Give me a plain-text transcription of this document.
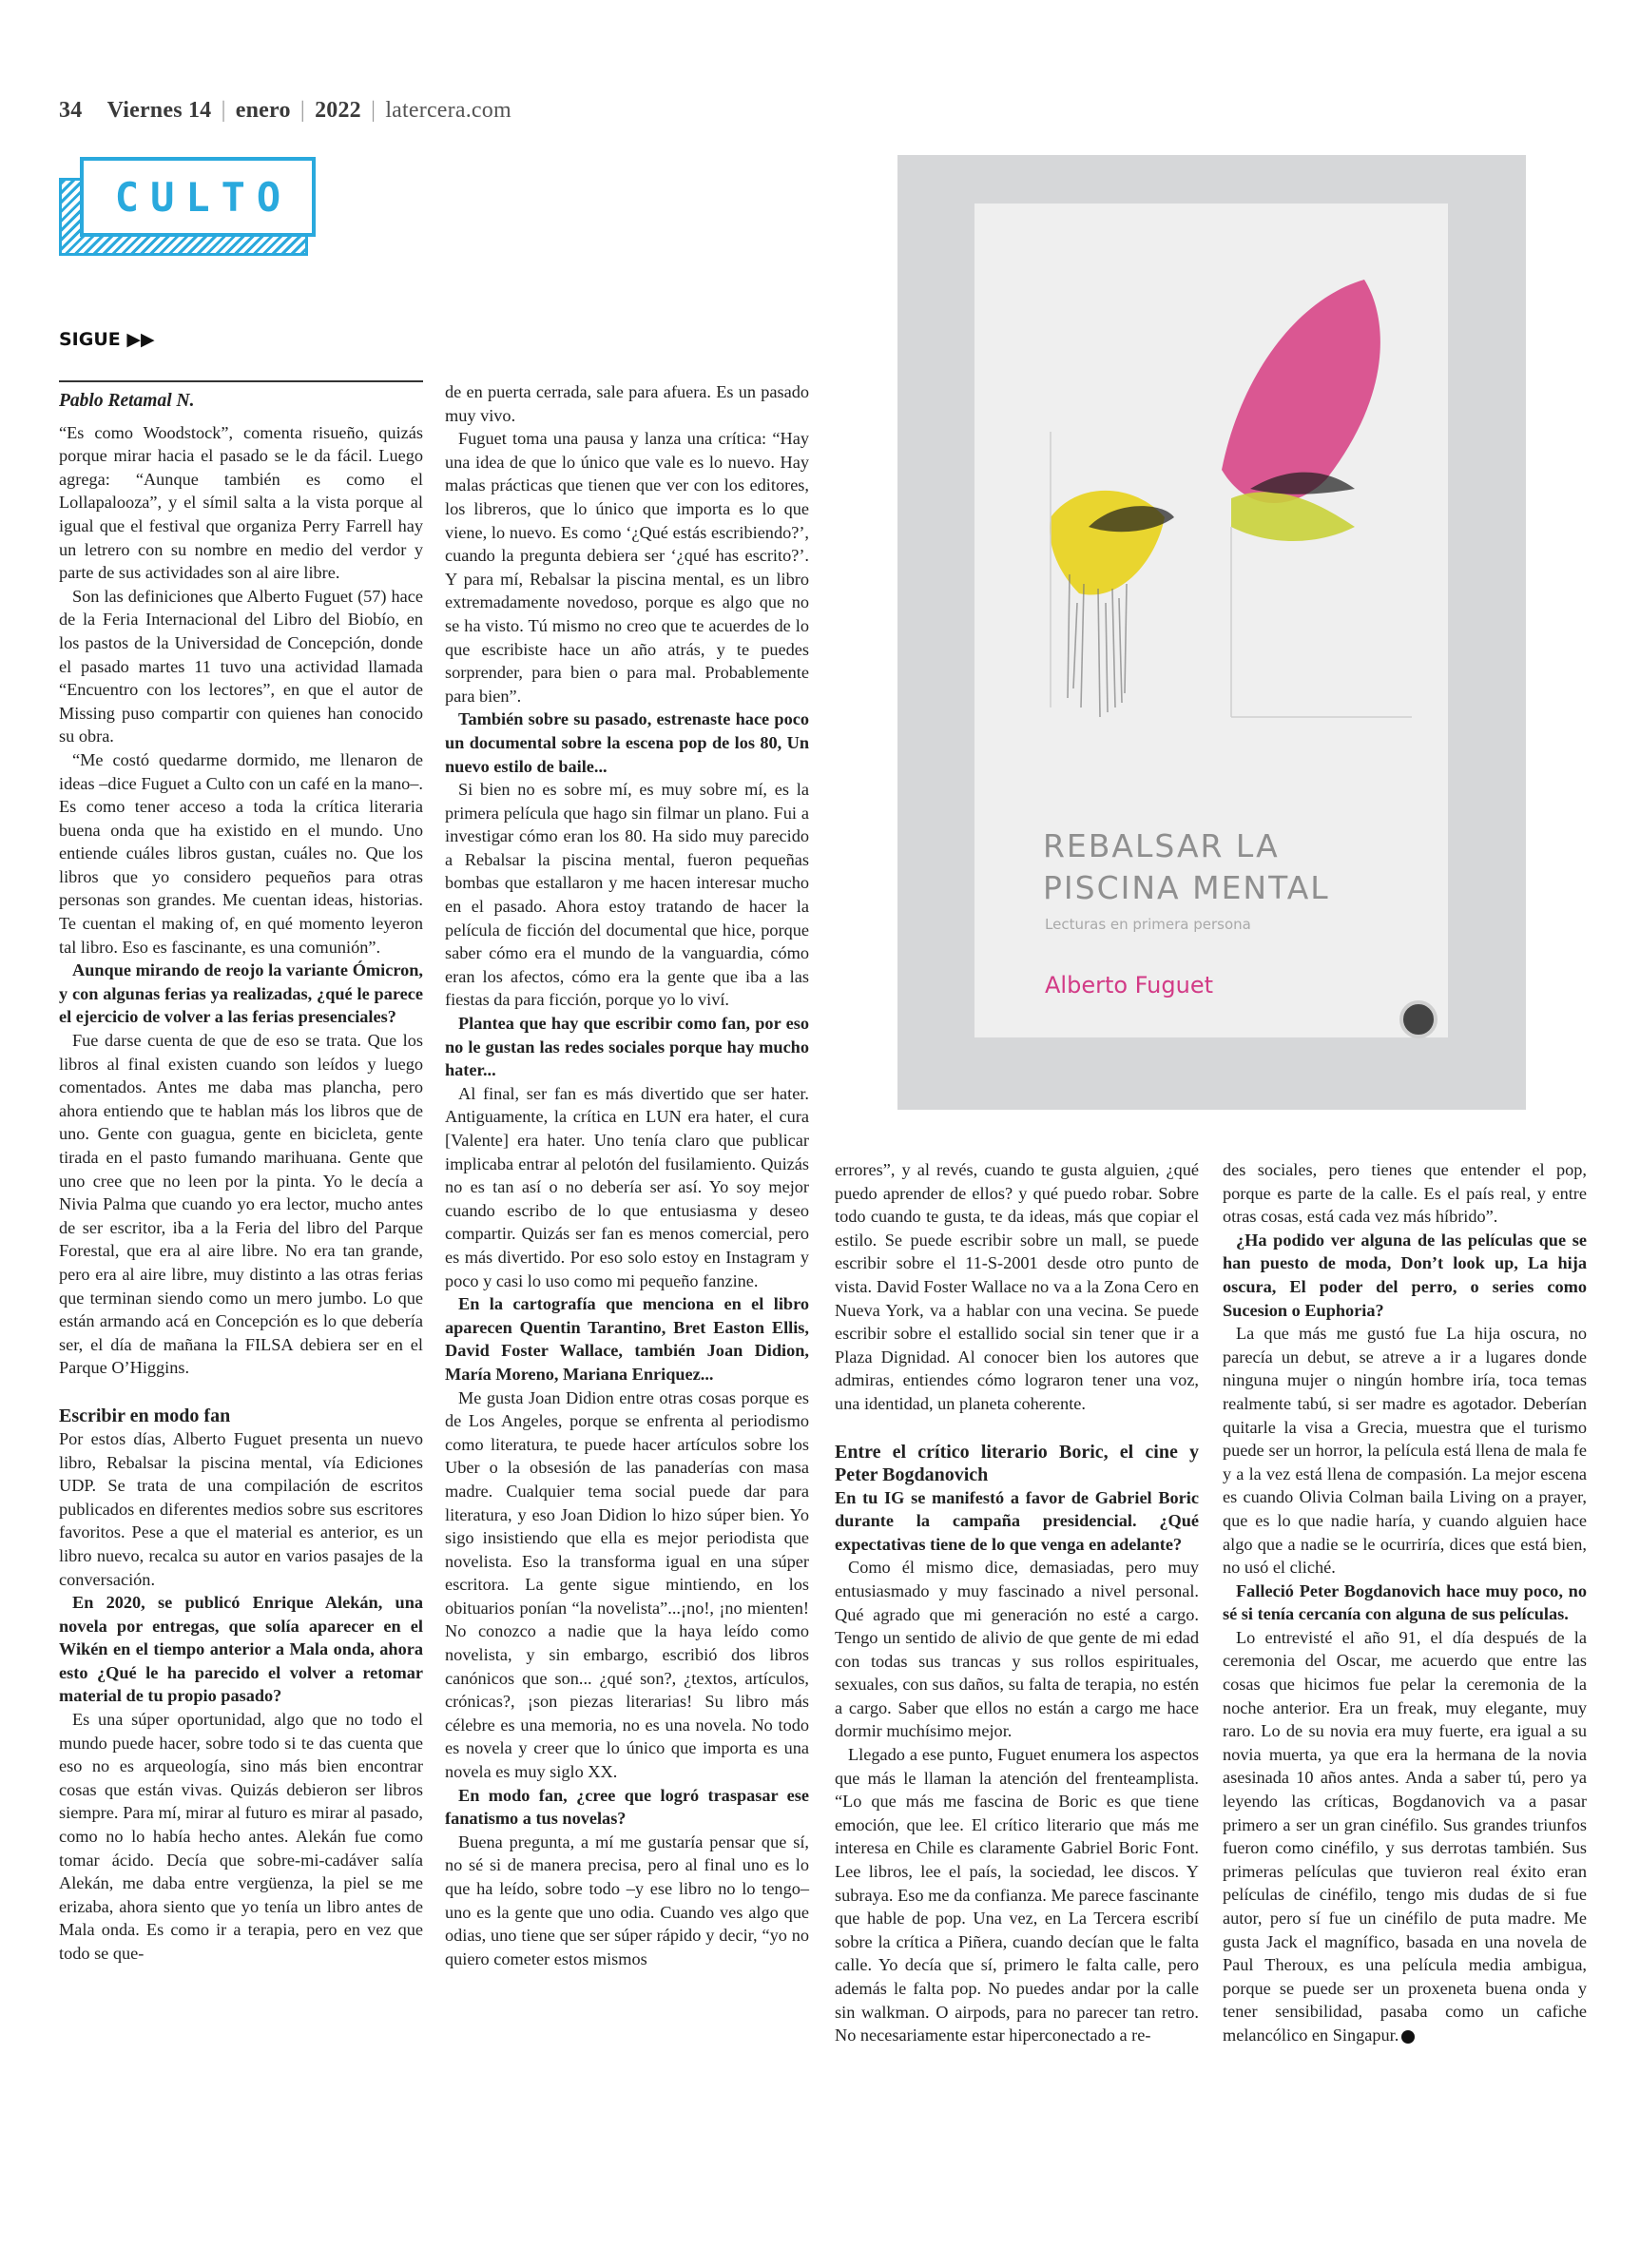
34 Viernes 14 | enero | 2022 | latercera.com
CULTO
SIGUE ▶▶
Pablo Retamal N.

“Es como Woodstock”, comenta risueño, quizás porque mirar hacia el pasado se le da fácil. Luego agrega: “Aunque también es como el Lollapalooza”, y el símil salta a la vista porque al igual que el festival que organiza Perry Farrell hay un letrero con su nombre en medio del verdor y parte de sus actividades son al aire libre.

Son las definiciones que Alberto Fuguet (57) hace de la Feria Internacional del Libro del Biobío, en los pastos de la Universidad de Concepción, donde el pasado martes 11 tuvo una actividad llamada “Encuentro con los lectores”, en que el autor de Missing puso compartir con quienes han conocido su obra.

“Me costó quedarme dormido, me llenaron de ideas –dice Fuguet a Culto con un café en la mano–. Es como tener acceso a toda la crítica literaria buena onda que ha existido en el mundo. Uno entiende cuáles libros gustan, cuáles no. Que los libros que yo considero pequeños para otras personas son grandes. Me cuentan ideas, historias. Te cuentan el making of, en qué momento leyeron tal libro. Eso es fascinante, es una comunión”.

Aunque mirando de reojo la variante Ómicron, y con algunas ferias ya realizadas, ¿qué le parece el ejercicio de volver a las ferias presenciales?

Fue darse cuenta de que de eso se trata. Que los libros al final existen cuando son leídos y luego comentados. Antes me daba mas plancha, pero ahora entiendo que te hablan más los libros que de uno. Gente con guagua, gente en bicicleta, gente tirada en el pasto fumando marihuana. Gente que uno cree que no leen por la pinta. Yo le decía a Nivia Palma que cuando yo era lector, mucho antes de ser escritor, iba a la Feria del libro del Parque Forestal, que era al aire libre. No era tan grande, pero era al aire libre, muy distinto a las otras ferias que terminan siendo como un mero jumbo. Lo que están armando acá en Concepción es lo que debería ser, el día de mañana la FILSA debiera ser en el Parque O’Higgins.

Escribir en modo fan

Por estos días, Alberto Fuguet presenta un nuevo libro, Rebalsar la piscina mental, vía Ediciones UDP. Se trata de una compilación de escritos publicados en diferentes medios sobre sus escritores favoritos. Pese a que el material es anterior, es un libro nuevo, recalca su autor en varios pasajes de la conversación.

En 2020, se publicó Enrique Alekán, una novela por entregas, que solía aparecer en el Wikén en el tiempo anterior a Mala onda, ahora esto ¿Qué le ha parecido el volver a retomar material de tu propio pasado?

Es una súper oportunidad, algo que no todo el mundo puede hacer, sobre todo si te das cuenta que eso no es arqueología, sino más bien encontrar cosas que están vivas. Quizás debieron ser libros siempre. Para mí, mirar al futuro es mirar al pasado, como no lo había hecho antes. Alekán fue como tomar ácido. Decía que sobre-mi-cadáver salía Alekán, me daba entre vergüenza, la piel se me erizaba, ahora siento que yo tenía un libro antes de Mala onda. Es como ir a terapia, pero en vez que todo se que-

de en puerta cerrada, sale para afuera. Es un pasado muy vivo.

Fuguet toma una pausa y lanza una crítica: “Hay una idea de que lo único que vale es lo nuevo. Hay malas prácticas que tienen que ver con los editores, los libreros, que lo único que importa es lo que viene, lo nuevo. Es como ‘¿Qué estás escribiendo?’, cuando la pregunta debiera ser ‘¿qué has escrito?’. Y para mí, Rebalsar la piscina mental, es un libro extremadamente novedoso, porque es algo que no se ha visto. Tú mismo no creo que te acuerdes de lo que escribiste hace un año atrás, y te puedes sorprender, para bien o para mal. Probablemente para bien”.

También sobre su pasado, estrenaste hace poco un documental sobre la escena pop de los 80, Un nuevo estilo de baile...

Si bien no es sobre mí, es muy sobre mí, es la primera película que hago sin filmar un plano. Fui a investigar cómo eran los 80. Ha sido muy parecido a Rebalsar la piscina mental, fueron pequeñas bombas que estallaron y me hacen interesar mucho en el pasado. Ahora estoy tratando de hacer la película de ficción del documental que hice, porque saber cómo era el mundo de la vanguardia, cómo eran los afectos, cómo era la gente que iba a las fiestas da para ficción, porque yo lo viví.

Plantea que hay que escribir como fan, por eso no le gustan las redes sociales porque hay mucho hater...

Al final, ser fan es más divertido que ser hater. Antiguamente, la crítica en LUN era hater, el cura [Valente] era hater. Uno tenía claro que publicar implicaba entrar al pelotón del fusilamiento. Quizás no es tan así o no debería ser así. Yo soy mejor cuando escribo de lo que entusiasma y deseo compartir. Quizás ser fan es menos comercial, pero es más divertido. Por eso solo estoy en Instagram y poco y casi lo uso como mi pequeño fanzine.

En la cartografía que menciona en el libro aparecen Quentin Tarantino, Bret Easton Ellis, David Foster Wallace, también Joan Didion, María Moreno, Mariana Enriquez...

Me gusta Joan Didion entre otras cosas porque es de Los Angeles, porque se enfrenta al periodismo como literatura, te puede hacer artículos sobre los Uber o la obsesión de las panaderías con masa madre. Cualquier tema social puede dar para literatura, y eso Joan Didion lo hizo súper bien. Yo sigo insistiendo que ella es mejor periodista que novelista. Eso la transforma igual en una súper escritora. La gente sigue mintiendo, en los obituarios ponían “la novelista”...¡no!, ¡no mienten! No conozco a nadie que la haya leído como novelista, y sin embargo, escribió dos libros canónicos que son... ¿qué son?, ¿textos, artículos, crónicas?, ¡son piezas literarias! Su libro más célebre es una memoria, no es una novela. No todo es novela y creer que lo único que importa es una novela es muy siglo XX.

En modo fan, ¿cree que logró traspasar ese fanatismo a tus novelas?

Buena pregunta, a mí me gustaría pensar que sí, no sé si de manera precisa, pero al final uno es lo que ha leído, sobre todo –y ese libro no lo tengo– uno es la gente que uno odia. Cuando ves algo que odias, uno tiene que ser súper rápido y decir, “yo no quiero cometer estos mismos

REBALSAR LA
PISCINA MENTAL
Lecturas en primera persona
Alberto Fuguet

errores”, y al revés, cuando te gusta alguien, ¿qué puedo aprender de ellos? y qué puedo robar. Sobre todo cuando te gusta, te da ideas, más que copiar el estilo. Se puede escribir sobre un mall, se puede escribir sobre el 11-S-2001 desde otro punto de vista. David Foster Wallace no va a la Zona Cero en Nueva York, va a hablar con una vecina. Se puede escribir sobre el estallido social sin tener que ir a Plaza Dignidad. Al conocer bien los autores que admiras, entiendes cómo lograron tener una voz, una identidad, un planeta coherente.

Entre el crítico literario Boric, el cine y Peter Bogdanovich

En tu IG se manifestó a favor de Gabriel Boric durante la campaña presidencial. ¿Qué expectativas tiene de lo que venga en adelante?

Como él mismo dice, demasiadas, pero muy entusiasmado y muy fascinado a nivel personal. Qué agrado que mi generación no esté a cargo. Tengo un sentido de alivio de que gente de mi edad con todas sus trancas y sus rollos espirituales, sexuales, con sus daños, su falta de terapia, no estén a cargo. Saber que ellos no están a cargo me hace dormir muchísimo mejor.

Llegado a ese punto, Fuguet enumera los aspectos que más le llaman la atención del frenteamplista. “Lo que más me fascina de Boric es que tiene emoción, que lee. El crítico literario que más me interesa en Chile es claramente Gabriel Boric Font. Lee libros, lee el país, la sociedad, lee discos. Y subraya. Eso me da confianza. Me parece fascinante que hable de pop. Una vez, en La Tercera escribí sobre la crítica a Piñera, cuando decían que le falta calle. Yo decía que sí, primero le falta calle, pero además le falta pop. No puedes andar por la calle sin walkman. O airpods, para no parecer tan retro. No necesariamente estar hiperconectado a re-

des sociales, pero tienes que entender el pop, porque es parte de la calle. Es el país real, y entre otras cosas, está cada vez más híbrido”.

¿Ha podido ver alguna de las películas que se han puesto de moda, Don’t look up, La hija oscura, El poder del perro, o series como Sucesion o Euphoria?

La que más me gustó fue La hija oscura, no parecía un debut, se atreve a ir a lugares donde ninguna mujer o ningún hombre iría, toca temas realmente tabú, si ser madre es agotador. Deberían quitarle la visa a Grecia, muestra que el turismo puede ser un horror, la película está llena de mala fe y a la vez está llena de compasión. La mejor escena es cuando Olivia Colman baila Living on a prayer, que es lo que nadie haría, y cuando alguien hace algo que a nadie se le ocurriría, dices que está bien, no usó el cliché.

Falleció Peter Bogdanovich hace muy poco, no sé si tenía cercanía con alguna de sus películas.

Lo entrevisté el año 91, el día después de la ceremonia del Oscar, me acuerdo que entre las cosas que hicimos fue pelar la ceremonia de la noche anterior. Era un freak, muy elegante, muy raro. Lo de su novia era muy fuerte, era igual a su novia muerta, ya que era la hermana de la novia asesinada 10 años antes. Anda a saber tú, pero ya leyendo las críticas, Bogdanovich va a pasar primero a ser un gran cinéfilo. Sus grandes triunfos fueron como cinéfilo, y sus derrotas también. Sus primeras películas que tuvieron real éxito eran películas de cinéfilo, tengo mis dudas de si fue autor, pero sí fue un cinéfilo de puta madre. Me gusta Jack el magnífico, basada en una novela de Paul Theroux, es una película media ambigua, porque se puede ser un proxeneta buena onda y tener sensibilidad, pasaba como un cafiche melancólico en Singapur.
